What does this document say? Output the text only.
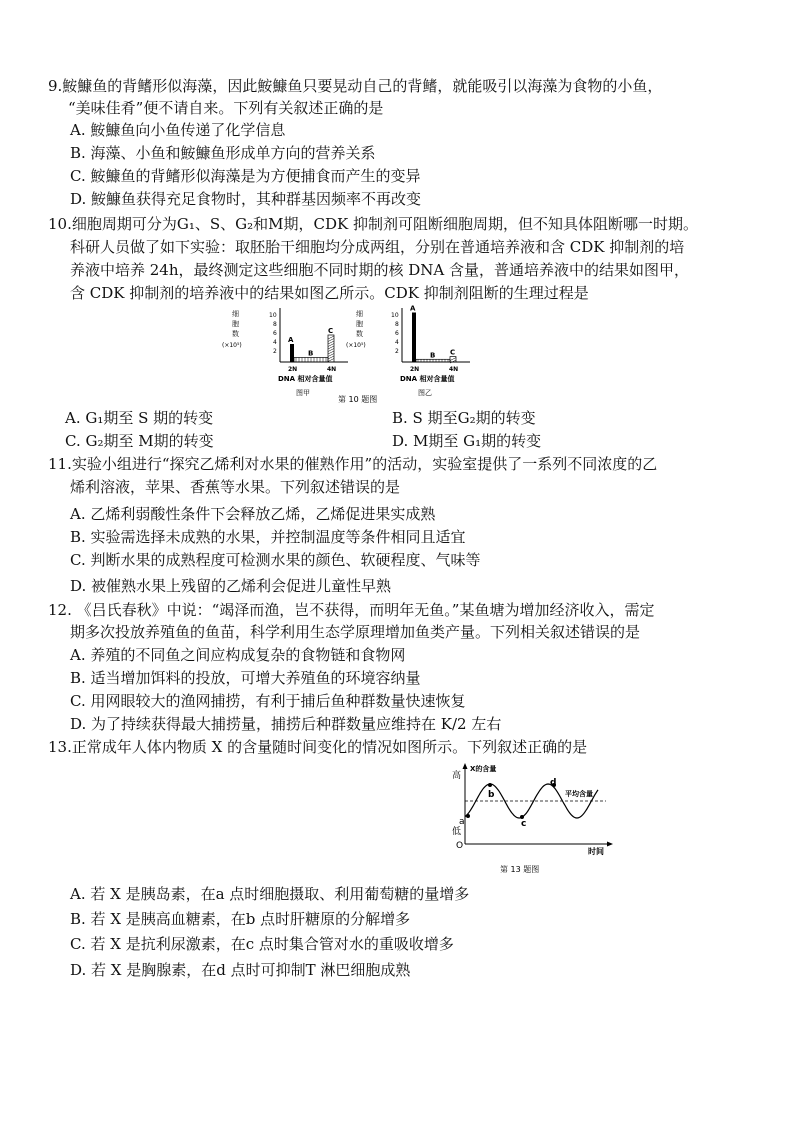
9.鮟鱇鱼的背鳍形似海藻，因此鮟鱇鱼只要晃动自己的背鳍，就能吸引以海藻为食物的小鱼，
“美味佳肴”便不请自来。下列有关叙述正确的是
A. 鮟鱇鱼向小鱼传递了化学信息
B. 海藻、小鱼和鮟鱇鱼形成单方向的营养关系
C. 鮟鱇鱼的背鳍形似海藻是为方便捕食而产生的变异
D. 鮟鱇鱼获得充足食物时，其种群基因频率不再改变
10.细胞周期可分为G₁、S、G₂和M期，CDK 抑制剂可阻断细胞周期，但不知具体阻断哪一时期。
科研人员做了如下实验：取胚胎干细胞均分成两组，分别在普通培养液和含 CDK 抑制剂的培
养液中培养 24h，最终测定这些细胞不同时期的核 DNA 含量，普通培养液中的结果如图甲，
含 CDK 抑制剂的培养液中的结果如图乙所示。CDK 抑制剂阻断的生理过程是
细
胞
数
(×10⁵)
10
8
6
4
2
A
B
C
2N	4N
DNA 相对含量值
图甲
细
胞
数
(×10⁵)
10
8
6
4
2
A
B C
2N	4N
DNA 相对含量值
图乙
第 10 题图
A. G₁期至 S 期的转变	B. S 期至G₂期的转变
C. G₂期至 M期的转变	D. M期至 G₁期的转变
11.实验小组进行“探究乙烯利对水果的催熟作用”的活动，实验室提供了一系列不同浓度的乙
烯利溶液，苹果、香蕉等水果。下列叙述错误的是
A. 乙烯利弱酸性条件下会释放乙烯，乙烯促进果实成熟
B. 实验需选择未成熟的水果，并控制温度等条件相同且适宜
C. 判断水果的成熟程度可检测水果的颜色、软硬程度、气味等
D. 被催熟水果上残留的乙烯利会促进儿童性早熟
12. 《吕氏春秋》中说：“竭泽而渔，岂不获得，而明年无鱼。”某鱼塘为增加经济收入，需定
期多次投放养殖鱼的鱼苗，科学利用生态学原理增加鱼类产量。下列相关叙述错误的是
A. 养殖的不同鱼之间应构成复杂的食物链和食物网
B. 适当增加饵料的投放，可增大养殖鱼的环境容纳量
C. 用网眼较大的渔网捕捞，有利于捕后鱼种群数量快速恢复
D. 为了持续获得最大捕捞量，捕捞后种群数量应维持在 K/2 左右
13.正常成年人体内物质 X 的含量随时间变化的情况如图所示。下列叙述正确的是
高
低
X的含量
O
时间
平均含量
a
b
c
d
第 13 题图
A. 若 X 是胰岛素，在a 点时细胞摄取、利用葡萄糖的量增多
B. 若 X 是胰高血糖素，在b 点时肝糖原的分解增多
C. 若 X 是抗利尿激素，在c 点时集合管对水的重吸收增多
D. 若 X 是胸腺素，在d 点时可抑制T 淋巴细胞成熟
